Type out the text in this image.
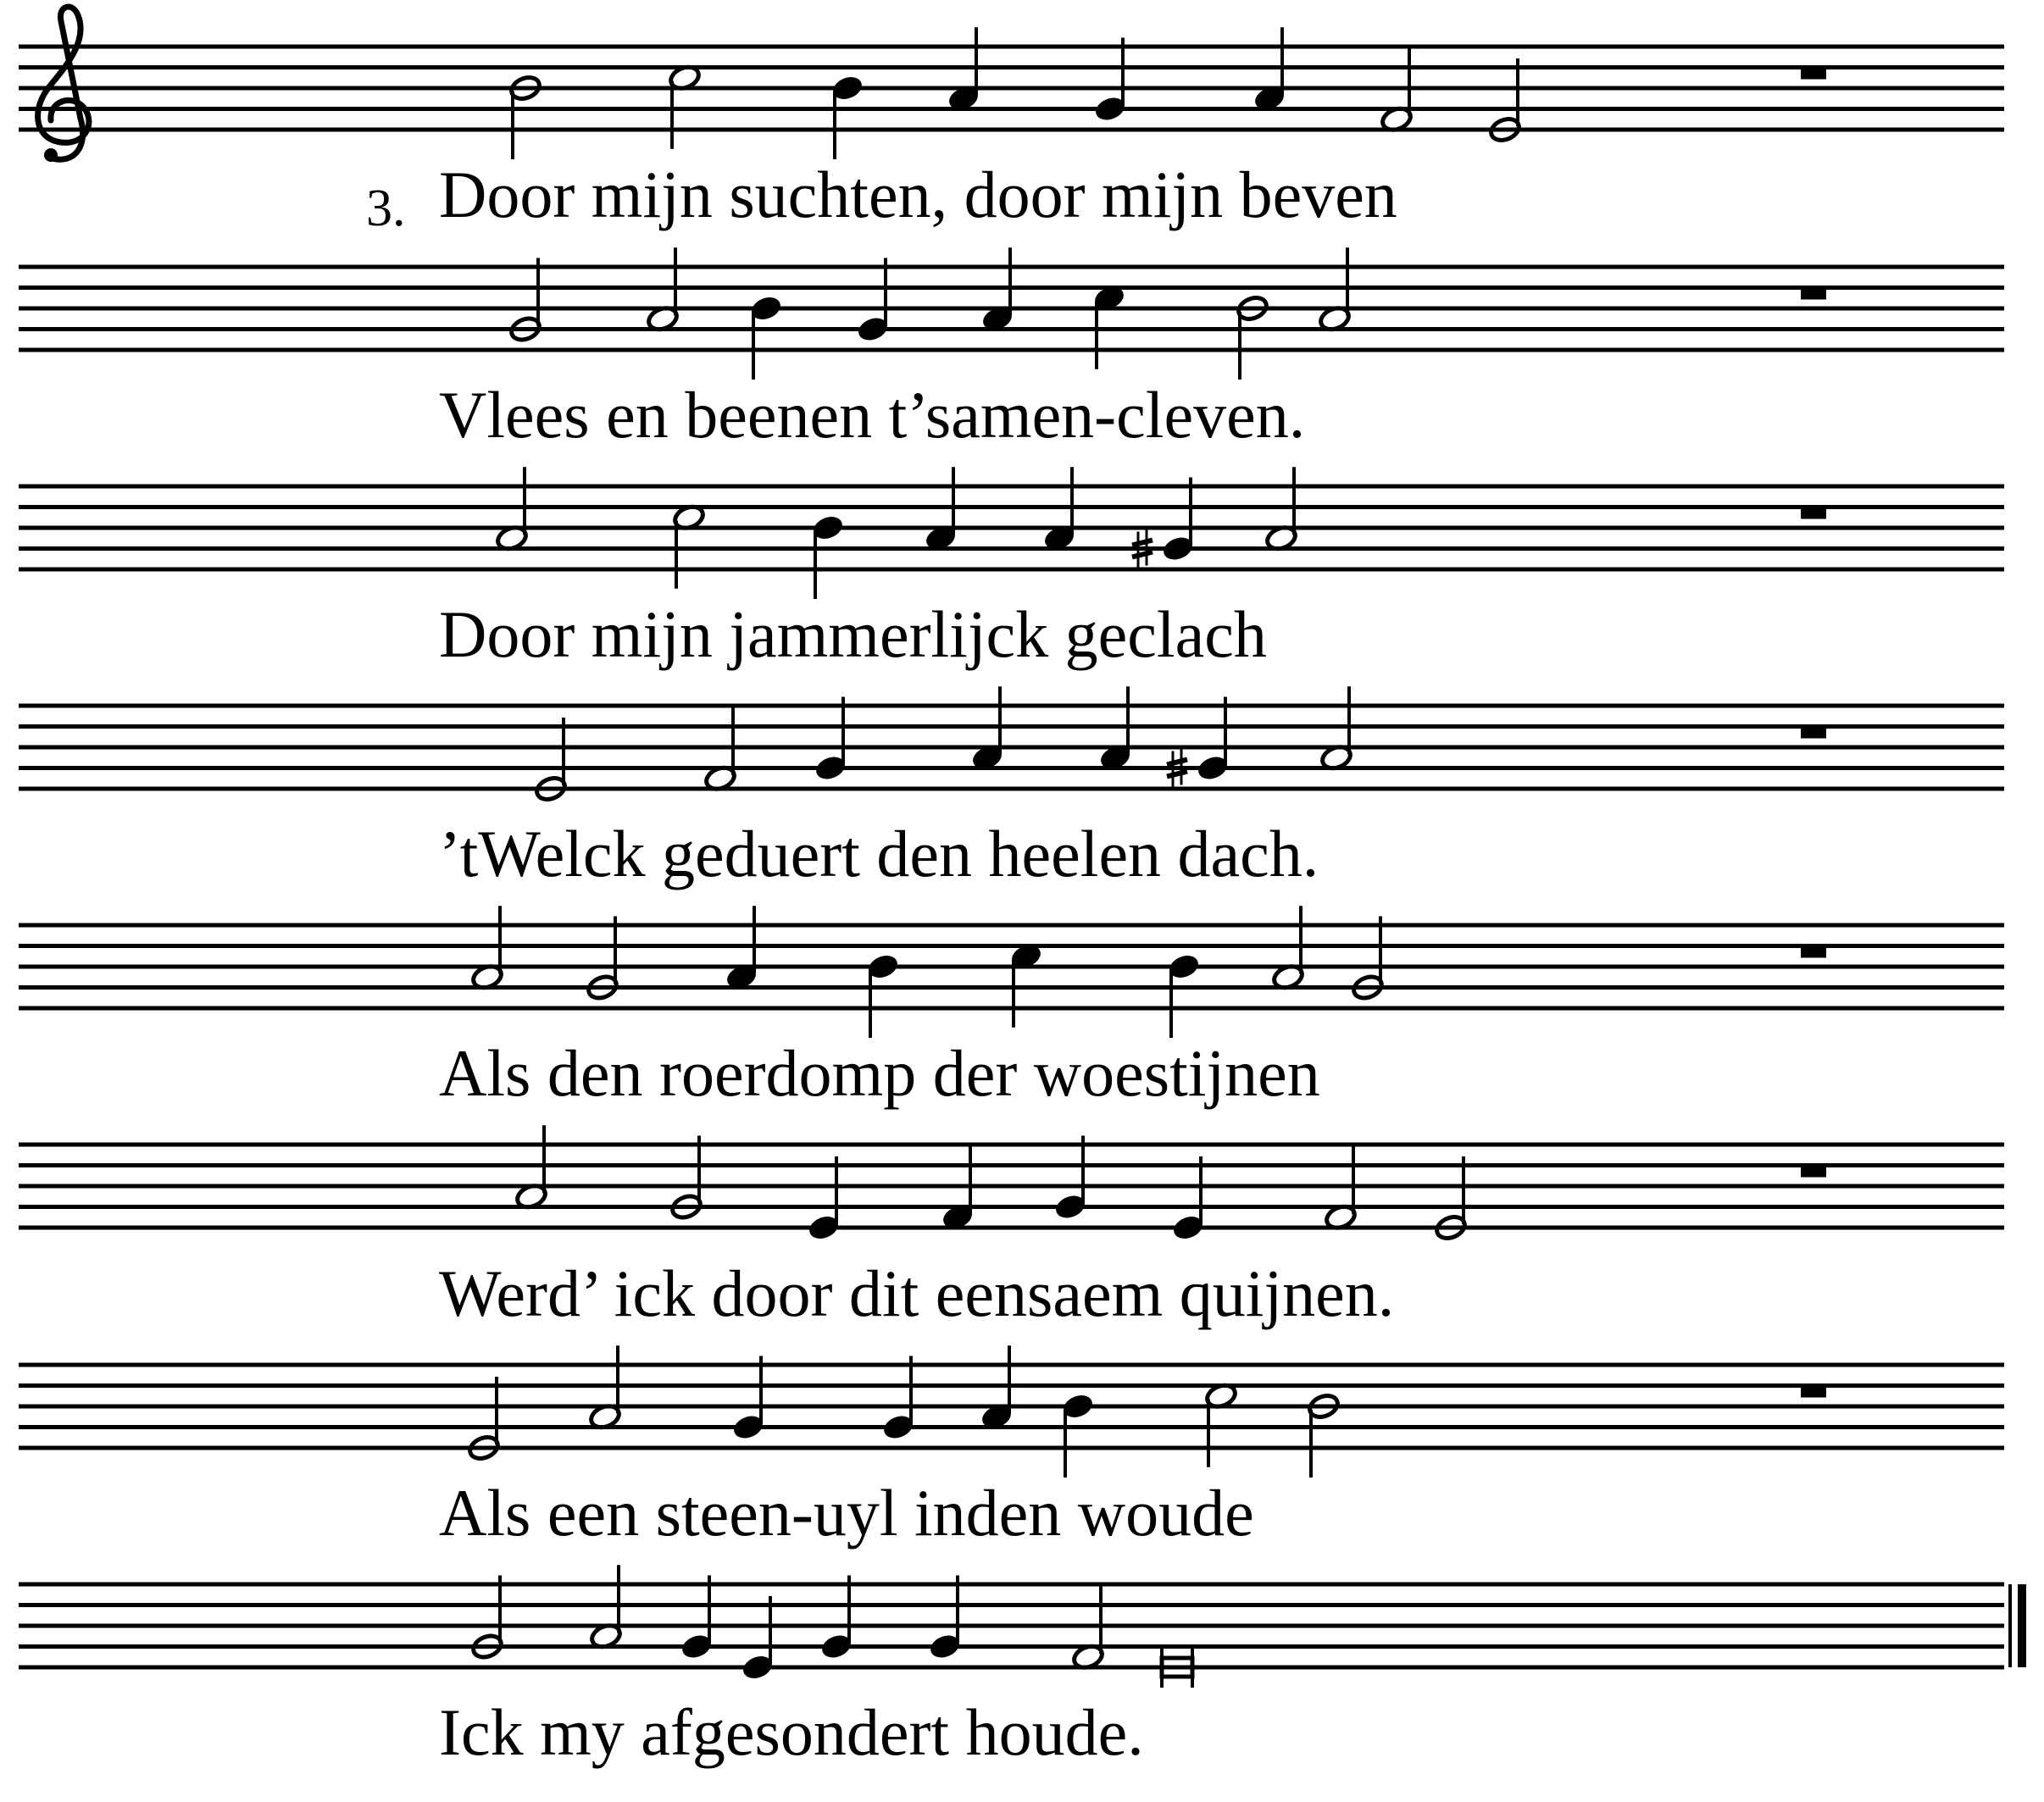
3. Door mijn suchten, door mijn beven
Vlees en beenen t’samen-cleven.
Door mijn jammerlijck geclach
’tWelck geduert den heelen dach.
Als den roerdomp der woestijnen
Werd’ ick door dit eensaem quijnen.
Als een steen-uyl inden woude
Ick my afgesondert houde.
